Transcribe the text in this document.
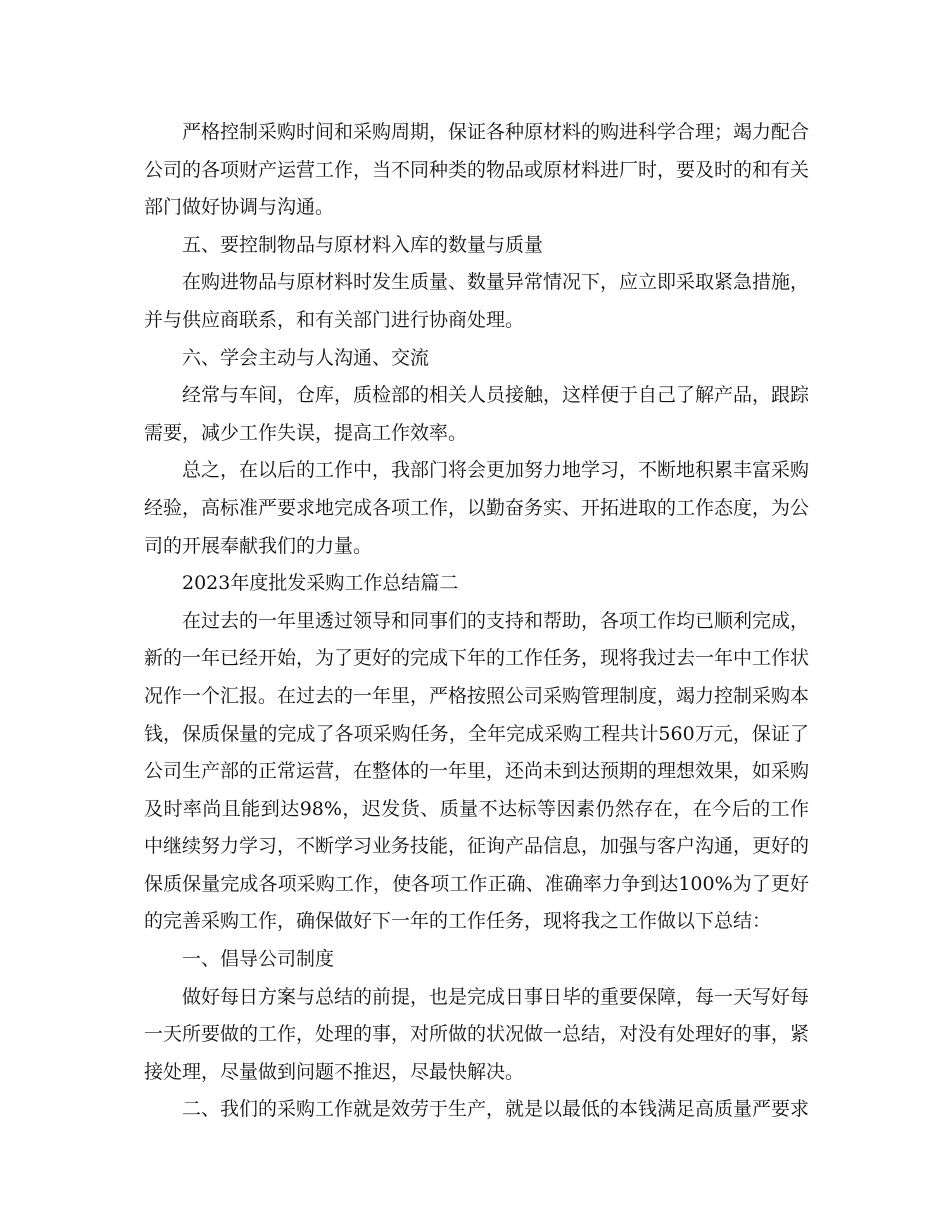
严格控制采购时间和采购周期，保证各种原材料的购进科学合理；竭力配合公司的各项财产运营工作，当不同种类的物品或原材料进厂时，要及时的和有关部门做好协调与沟通。

五、要控制物品与原材料入库的数量与质量

在购进物品与原材料时发生质量、数量异常情况下，应立即采取紧急措施，并与供应商联系，和有关部门进行协商处理。

六、学会主动与人沟通、交流

经常与车间，仓库，质检部的相关人员接触，这样便于自己了解产品，跟踪需要，减少工作失误，提高工作效率。

总之，在以后的工作中，我部门将会更加努力地学习，不断地积累丰富采购经验，高标准严要求地完成各项工作，以勤奋务实、开拓进取的工作态度，为公司的开展奉献我们的力量。

2023年度批发采购工作总结篇二

在过去的一年里透过领导和同事们的支持和帮助，各项工作均已顺利完成，新的一年已经开始，为了更好的完成下年的工作任务，现将我过去一年中工作状况作一个汇报。在过去的一年里，严格按照公司采购管理制度，竭力控制采购本钱，保质保量的完成了各项采购任务，全年完成采购工程共计560万元，保证了公司生产部的正常运营，在整体的一年里，还尚未到达预期的理想效果，如采购及时率尚且能到达98%，迟发货、质量不达标等因素仍然存在，在今后的工作中继续努力学习，不断学习业务技能，征询产品信息，加强与客户沟通，更好的保质保量完成各项采购工作，使各项工作正确、准确率力争到达100%为了更好的完善采购工作，确保做好下一年的工作任务，现将我之工作做以下总结：

一、倡导公司制度

做好每日方案与总结的前提，也是完成日事日毕的重要保障，每一天写好每一天所要做的工作，处理的事，对所做的状况做一总结，对没有处理好的事，紧接处理，尽量做到问题不推迟，尽最快解决。

二、我们的采购工作就是效劳于生产，就是以最低的本钱满足高质量严要求
